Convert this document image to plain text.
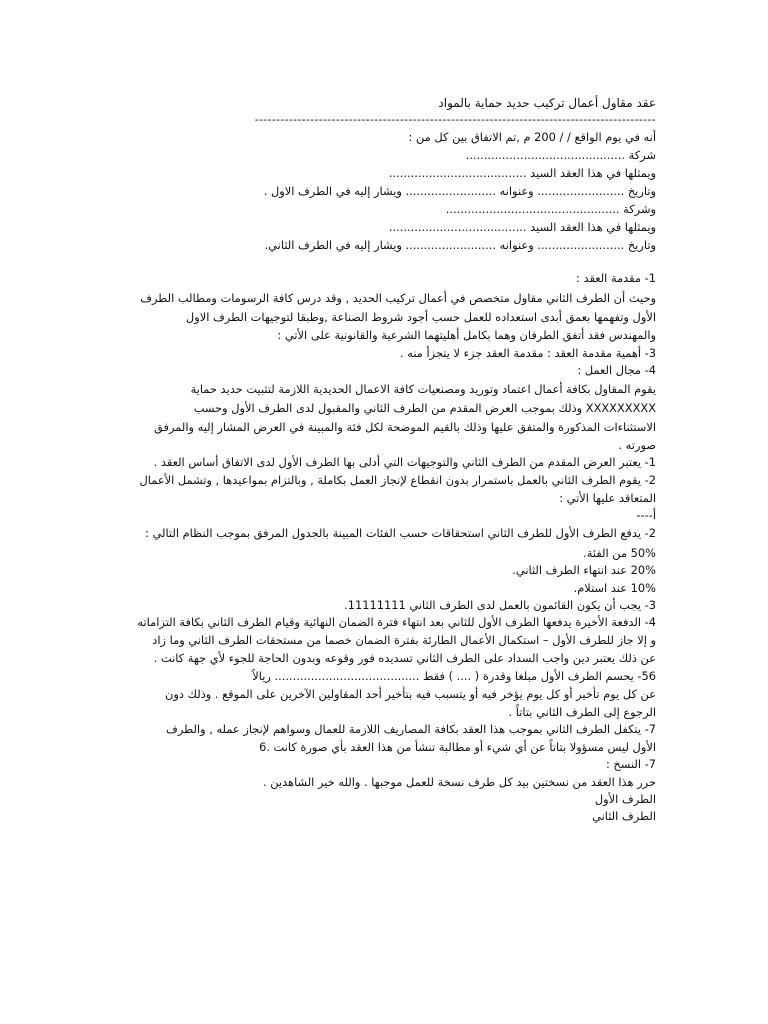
عقد مقاول أعمال تركيب حديد حماية بالمواد
----------------------------------------------------------------------------------------------
أنه في يوم الواقع / / 200 م ,تم الاتفاق بين كل من :
شركة ............................................
ويمثلها في هذا العقد السيد ......................................
وتاريخ ........................ وعنوانه ......................... ويشار إليه في الطرف الاول .
وشركة ................................................
ويمثلها في هذا العقد السيد ......................................
وتاريخ ........................ وعنوانه ......................... ويشار إليه في الطرف الثاني.
1- مقدمة العقد :
وحيث أن الطرف الثاني مقاول متخصص في أعمال تركيب الحديد , وقد درس كافة الرسومات ومطالب الطرف
الأول وتفهمها بعمق أبدى استعداده للعمل حسب أجود شروط الصناعة ,وطبقا لتوجيهات الطرف الاول
والمهندس فقد أتفق الطرفان وهما بكامل أهليتهما الشرعية والقانونية على الأتي :
3- أهمية مقدمة العقد : مقدمة العقد جزء لا يتجزأ منه .
4- مجال العمل :
يقوم المقاول بكافة أعمال اعتماد وتوريد ومصنعيات كافة الاعمال الحديدية اللازمة لتثبيت حديد حماية
XXXXXXXXX وذلك بموجب العرض المقدم من الطرف الثاني والمقبول لدى الطرف الأول وحسب
الاستثناءات المذكورة والمتفق عليها وذلك بالقيم الموضحة لكل فئة والمبينة في العرض المشار إليه والمرفق
صورته .
1- يعتبر العرض المقدم من الطرف الثاني والتوجيهات التي أدلى بها الطرف الأول لدى الاتفاق أساس العقد .
2- يقوم الطرف الثاني بالعمل باستمرار بدون انقطاع لإنجاز العمل بكاملة , وبالتزام بمواعيدها , وتشمل الأعمال
المتعاقد عليها الأتي :
أ----
2- يدفع الطرف الأول للطرف الثاني استحقاقات حسب الفئات المبينة بالجدول المرفق بموجب النظام التالي :
50% من الفئة.
20% عند انتهاء الطرف الثاني.
10% عند استلام.
3- يجب أن يكون القائمون بالعمل لدى الطرف الثاني 11111111.
4- الدفعة الأخيرة يدفعها الطرف الأول للثاني بعد انتهاء فترة الضمان النهائية وقيام الطرف الثاني بكافة التزاماته
و إلا جاز للطرف الأول – استكمال الأعمال الطارئة بفترة الضمان خصما من مستحقات الطرف الثاني وما زاد
عن ذلك يعتبر دين واجب السداد على الطرف الثاني تسديده فور وقوعه وبدون الحاجة للجوء لأي جهة كانت .
56- يحسم الطرف الأول مبلغا وقدرة ( .... ) فقط ........................................ ريالاً
عن كل يوم تأخير أو كل يوم يؤخر فيه أو يتسبب فيه بتأخير أحد المقاولين الآخرين على الموقع . وذلك دون
الرجوع إلى الطرف الثاني بتاتاً .
7- يتكفل الطرف الثاني بموجب هذا العقد بكافة المصاريف اللازمة للعمال وسواهم لإنجاز عمله , والطرف
الأول ليس مسؤولا بتاتاً عن أي شيء أو مطالبة تنشأ من هذا العقد بأي صورة كانت .6
7- النسخ :
حرر هذا العقد من نسختين بيد كل طرف نسخة للعمل موجبها . والله خير الشاهدين .
الطرف الأول
الطرف الثاني
